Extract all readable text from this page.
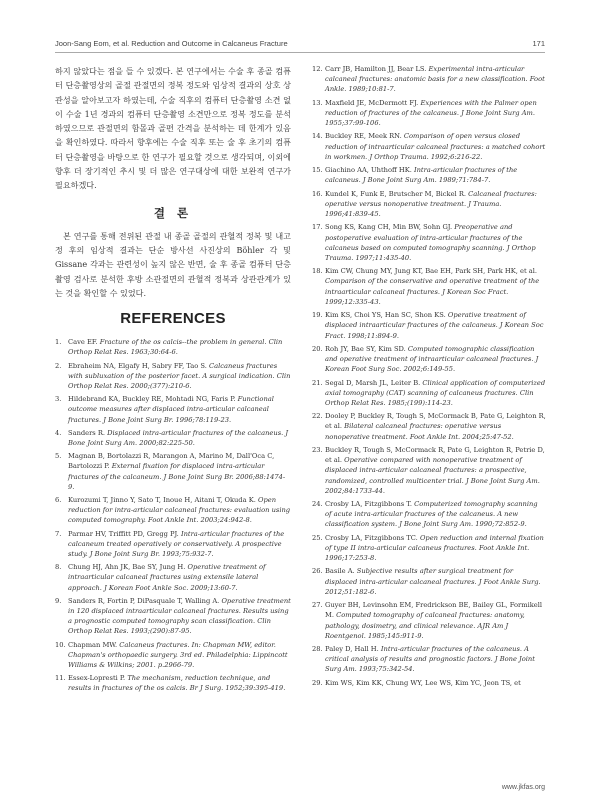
Joon-Sang Eom, et al. Reduction and Outcome in Calcaneus Fracture	171

하지 않았다는 점을 들 수 있겠다. 본 연구에서는 수술 후 종골 컴퓨터 단층촬영상의 골절 관절면의 정복 정도와 임상적 결과의 상호 상관성을 알아보고자 하였는데, 수술 직후의 컴퓨터 단층촬영 소견 없이 수술 1년 경과의 컴퓨터 단층촬영 소견만으로 정복 정도를 분석하였으므로 관절면의 함몰과 골편 간격을 분석하는 데 한계가 있음을 확인하였다. 따라서 향후에는 수술 직후 또는 술 후 초기의 컴퓨터 단층촬영을 바탕으로 한 연구가 필요할 것으로 생각되며, 이외에 향후 더 장기적인 추시 및 더 많은 연구대상에 대한 보완적 연구가 필요하겠다.

결 론

본 연구를 통해 전위된 관절 내 종골 골절의 관혈적 정복 및 내고정 후의 임상적 결과는 단순 방사선 사진상의 Böhler 각 및 Gissane 각과는 관련성이 높지 않은 반면, 술 후 종골 컴퓨터 단층촬영 검사로 분석한 후방 소관절면의 관혈적 정복과 상관관계가 있는 것을 확인할 수 있었다.

REFERENCES
1. Cave EF. Fracture of the os calcis--the problem in general. Clin Orthop Relat Res. 1963;30:64-6.
2. Ebraheim NA, Elgafy H, Sabry FF, Tao S. Calcaneus fractures with subluxation of the posterior facet. A surgical indication. Clin Orthop Relat Res. 2000;(377):210-6.
3. Hildebrand KA, Buckley RE, Mohtadi NG, Faris P. Functional outcome measures after displaced intra-articular calcaneal fractures. J Bone Joint Surg Br. 1996;78:119-23.
4. Sanders R. Displaced intra-articular fractures of the calcaneus. J Bone Joint Surg Am. 2000;82:225-50.
5. Magnan B, Bortolazzi R, Marangon A, Marino M, Dall'Oca C, Bartolozzi P. External fixation for displaced intra-articular fractures of the calcaneum. J Bone Joint Surg Br. 2006;88:1474-9.
6. Kurozumi T, Jinno Y, Sato T, Inoue H, Aitani T, Okuda K. Open reduction for intra-articular calcaneal fractures: evaluation using computed tomography. Foot Ankle Int. 2003;24:942-8.
7. Parmar HV, Triffitt PD, Gregg PJ. Intra-articular fractures of the calcaneum treated operatively or conservatively. A prospective study. J Bone Joint Surg Br. 1993;75:932-7.
8. Chung HJ, Ahn JK, Bae SY, Jung H. Operative treatment of intraarticular calcaneal fractures using extensile lateral approach. J Korean Foot Ankle Soc. 2009;13:60-7.
9. Sanders R, Fortin P, DiPasquale T, Walling A. Operative treatment in 120 displaced intraarticular calcaneal fractures. Results using a prognostic computed tomography scan classification. Clin Orthop Relat Res. 1993;(290):87-95.
10. Chapman MW. Calcaneus fractures. In: Chapman MW, editor. Chapman's orthopaedic surgery. 3rd ed. Philadelphia: Lippincott Williams & Wilkins; 2001. p.2966-79.
11. Essex-Lopresti P. The mechanism, reduction technique, and results in fractures of the os calcis. Br J Surg. 1952;39:395-419.
12. Carr JB, Hamilton JJ, Bear LS. Experimental intra-articular calcaneal fractures: anatomic basis for a new classification. Foot Ankle. 1989;10:81-7.
13. Maxfield JE, McDermott FJ. Experiences with the Palmer open reduction of fractures of the calcaneus. J Bone Joint Surg Am. 1955;37:99-106.
14. Buckley RE, Meek RN. Comparison of open versus closed reduction of intraarticular calcaneal fractures: a matched cohort in workmen. J Orthop Trauma. 1992;6:216-22.
15. Giachino AA, Uhthoff HK. Intra-articular fractures of the calcaneus. J Bone Joint Surg Am. 1989;71:784-7.
16. Kundel K, Funk E, Brutscher M, Bickel R. Calcaneal fractures: operative versus nonoperative treatment. J Trauma. 1996;41:839-45.
17. Song KS, Kang CH, Min BW, Sohn GJ. Preoperative and postoperative evaluation of intra-articular fractures of the calcaneus based on computed tomography scanning. J Orthop Trauma. 1997;11:435-40.
18. Kim CW, Chung MY, Jung KT, Bae EH, Park SH, Park HK, et al. Comparison of the conservative and operative treatment of the intraarticular calcaneal fractures. J Korean Soc Fract. 1999;12:335-43.
19. Kim KS, Choi YS, Han SC, Shon KS. Operative treatment of displaced intraarticular fractures of the calcaneus. J Korean Soc Fract. 1998;11:894-9.
20. Roh JY, Bae SY, Kim SD. Computed tomographic classification and operative treatment of intraarticular calcaneal fractures. J Korean Foot Surg Soc. 2002;6:149-55.
21. Segal D, Marsh JL, Leiter B. Clinical application of computerized axial tomography (CAT) scanning of calcaneus fractures. Clin Orthop Relat Res. 1985;(199):114-23.
22. Dooley P, Buckley R, Tough S, McCormack B, Pate G, Leighton R, et al. Bilateral calcaneal fractures: operative versus nonoperative treatment. Foot Ankle Int. 2004;25:47-52.
23. Buckley R, Tough S, McCormack R, Pate G, Leighton R, Petrie D, et al. Operative compared with nonoperative treatment of displaced intra-articular calcaneal fractures: a prospective, randomized, controlled multicenter trial. J Bone Joint Surg Am. 2002;84:1733-44.
24. Crosby LA, Fitzgibbons T. Computerized tomography scanning of acute intra-articular fractures of the calcaneus. A new classification system. J Bone Joint Surg Am. 1990;72:852-9.
25. Crosby LA, Fitzgibbons TC. Open reduction and internal fixation of type II intra-articular calcaneus fractures. Foot Ankle Int. 1996;17:253-8.
26. Basile A. Subjective results after surgical treatment for displaced intra-articular calcaneal fractures. J Foot Ankle Surg. 2012;51:182-6.
27. Guyer BH, Levinsohn EM, Fredrickson BE, Bailey GL, Formikell M. Computed tomography of calcaneal fractures: anatomy, pathology, dosimetry, and clinical relevance. AJR Am J Roentgenol. 1985;145:911-9.
28. Paley D, Hall H. Intra-articular fractures of the calcaneus. A critical analysis of results and prognostic factors. J Bone Joint Surg Am. 1993;75:342-54.
29. Kim WS, Kim KK, Chung WY, Lee WS, Kim YC, Jeon TS, et
www.jkfas.org
